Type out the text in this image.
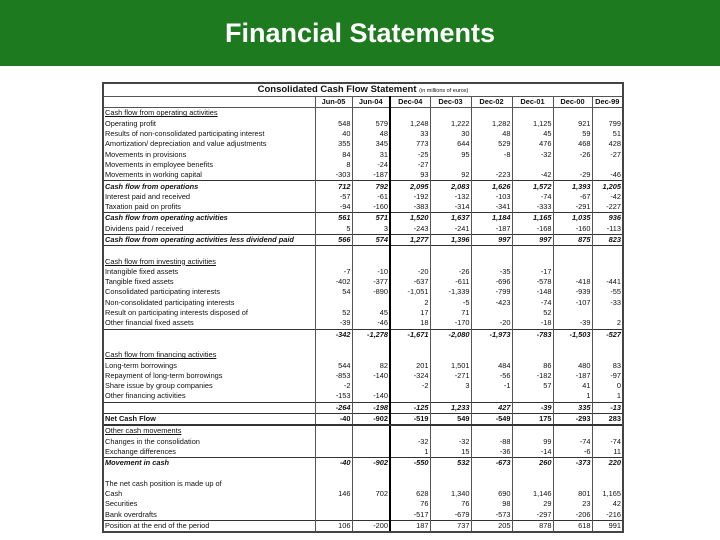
Financial Statements
Consolidated Cash Flow Statement (in millions of euros)								
	Jun-05	Jun-04	Dec-04	Dec-03	Dec-02	Dec-01	Dec-00	Dec-99
Cash flow from operating activities								
Operating profit	548	579	1,248	1,222	1,282	1,125	921	799
Results of non-consolidated participating interest	40	48	33	30	48	45	59	51
Amortization/ depreciation and value adjustments	355	345	773	644	529	476	468	428
Movements in provisions	84	31	-25	95	-8	-32	-26	-27
Movements in employee benefits	8	-24	-27					
Movements in working capital	-303	-187	93	92	-223	-42	-29	-46
Cash flow from operations	712	792	2,095	2,083	1,626	1,572	1,393	1,205
Interest paid and received	-57	-61	-192	-132	-103	-74	-67	-42
Taxation paid on profits	-94	-160	-383	-314	-341	-333	-291	-227
Cash flow from operating activities	561	571	1,520	1,637	1,184	1,165	1,035	936
Dividens paid / received	5	3	-243	-241	-187	-168	-160	-113
Cash flow from operating activities less dividend paid	566	574	1,277	1,396	997	997	875	823

Cash flow from investing activities								
Intangible fixed assets	-7	-10	-20	-26	-35	-17		
Tangible fixed assets	-402	-377	-637	-611	-696	-578	-418	-441
Consolidated participating interests	54	-890	-1,051	-1,339	-799	-148	-939	-55
Non-consolidated participating interests			2	-5	-423	-74	-107	-33
Result on participating interests disposed of	52	45	17	71		52		
Other financial fixed assets	-39	-46	18	-170	-20	-18	-39	2
	-342	-1,278	-1,671	-2,080	-1,973	-783	-1,503	-527

Cash flow from financing activities								
Long-term borrowings	544	82	201	1,501	484	86	480	83
Repayment of long-term borrowings	-853	-140	-324	-271	-56	-182	-187	-97
Share issue by group companies	-2		-2	3	-1	57	41	0
Other financing activities	-153	-140					1	1
	-264	-198	-125	1,233	427	-39	335	-13
Net Cash Flow	-40	-902	-519	549	-549	175	-293	283
Other cash movements								
Changes in the consolidation			-32	-32	-88	99	-74	-74
Exchange differences			1	15	-36	-14	-6	11
Movement in cash	-40	-902	-550	532	-673	260	-373	220

The net cash position is made up of								
Cash	146	702	628	1,340	690	1,146	801	1,165
Securities			76	76	98	29	23	42
Bank overdrafts			-517	-679	-573	-297	-206	-216
Position at the end of the period	106	-200	187	737	205	878	618	991
